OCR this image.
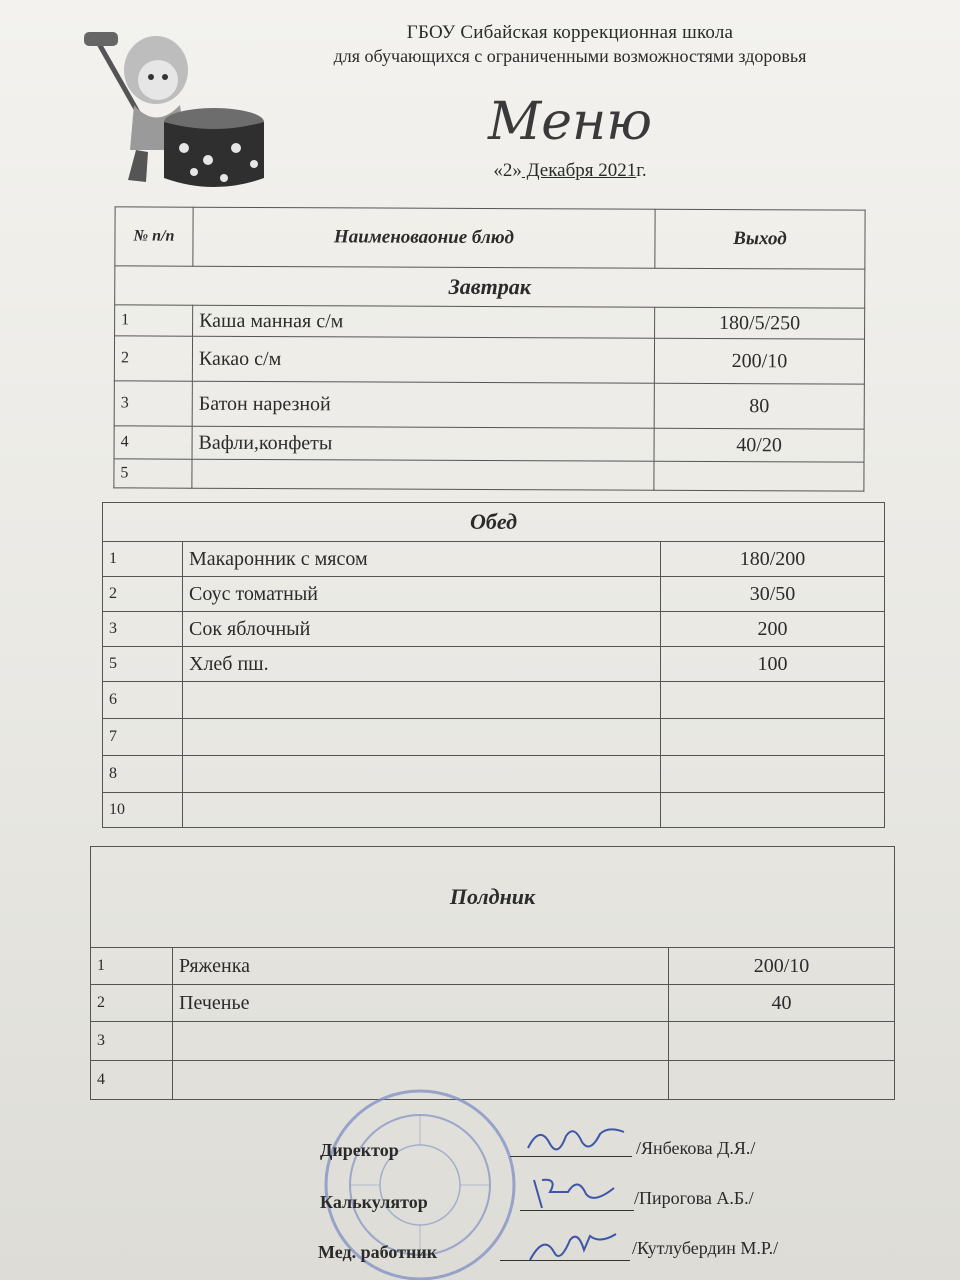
ГБОУ Сибайская коррекционная школа
для обучающихся с ограниченными возможностями здоровья
Меню
«2» Декабря 2021г.
№ п/п	Наименоваоние блюд	Выход
Завтрак		
1	Каша манная с/м	180/5/250
2	Какао с/м	200/10
3	Батон нарезной	80
4	Вафли,конфеты	40/20
5		
Обед		
1	Макаронник с мясом	180/200
2	Соус томатный	30/50
3	Сок яблочный	200
5	Хлеб пш.	100
6		
7		
8		
10		
Полдник		
1	Ряженка	200/10
2	Печенье	40
3		
4		
Директор	/Янбекова Д.Я./
Калькулятор	/Пирогова А.Б./
Мед. работник	/Кутлубердин М.Р./
